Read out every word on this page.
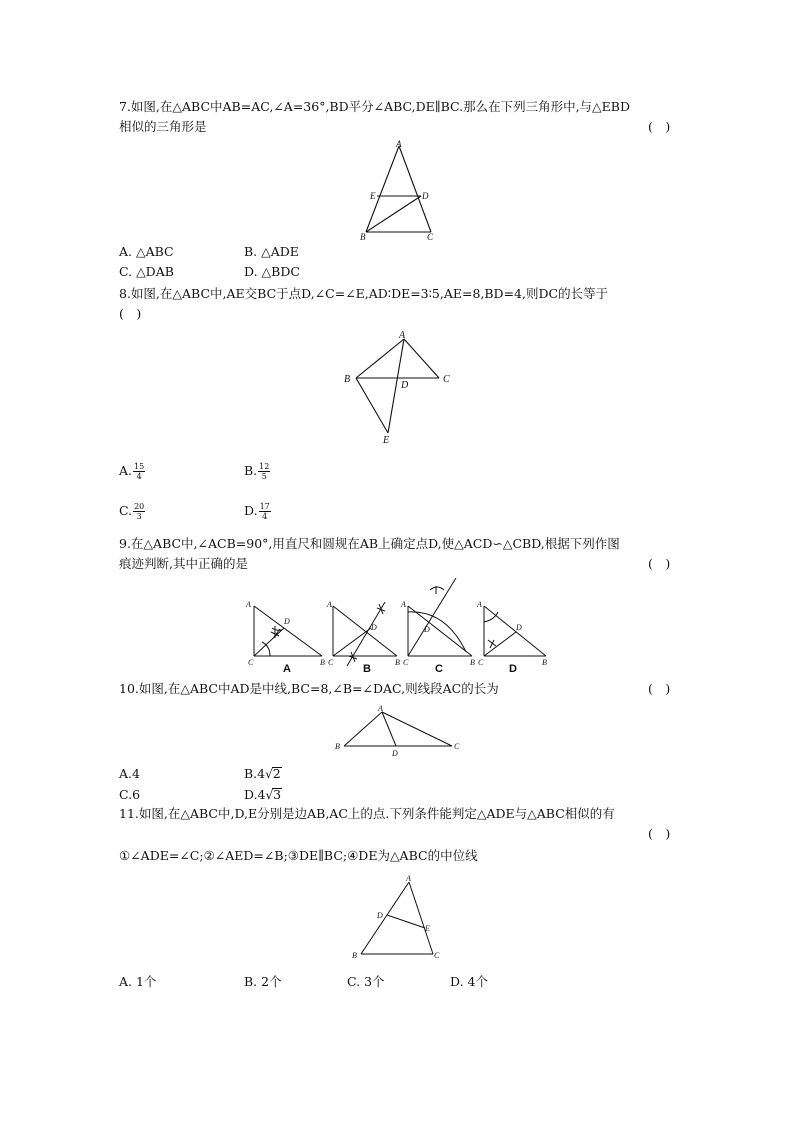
7.如图,在△ABC中AB=AC,∠A=36°,BD平分∠ABC,DE∥BC.那么在下列三角形中,与△EBD
相似的三角形是	(　)
A
E	D
B	C
A. △ABC	B. △ADE
C. △DAB	D. △BDC
8.如图,在△ABC中,AE交BC于点D,∠C=∠E,AD∶DE=3∶5,AE=8,BD=4,则DC的长等于
(　)
A
B	C
D
E
A. $\frac{15}{4}$	B. $\frac{12}{5}$
C. $\frac{20}{3}$	D. $\frac{17}{4}$
9.在△ABC中,∠ACB=90°,用直尺和圆规在AB上确定点D,使△ACD∽△CBD,根据下列作图
痕迹判断,其中正确的是	(　)
A
D
C	B
A
A
D
C	B
B
A
D
C	B
C
A
D
C	B
D
10.如图,在△ABC中AD是中线,BC=8,∠B=∠DAC,则线段AC的长为	(　)
A
B	C
D
A.4	B.4√2
C.6	D.4√3
11.如图,在△ABC中,D,E分别是边AB,AC上的点.下列条件能判定△ADE与△ABC相似的有
(　)
①∠ADE=∠C;②∠AED=∠B;③DE∥BC;④DE为△ABC的中位线
A
D
E
B	C
A. 1个	B. 2个	C. 3个	D. 4个
